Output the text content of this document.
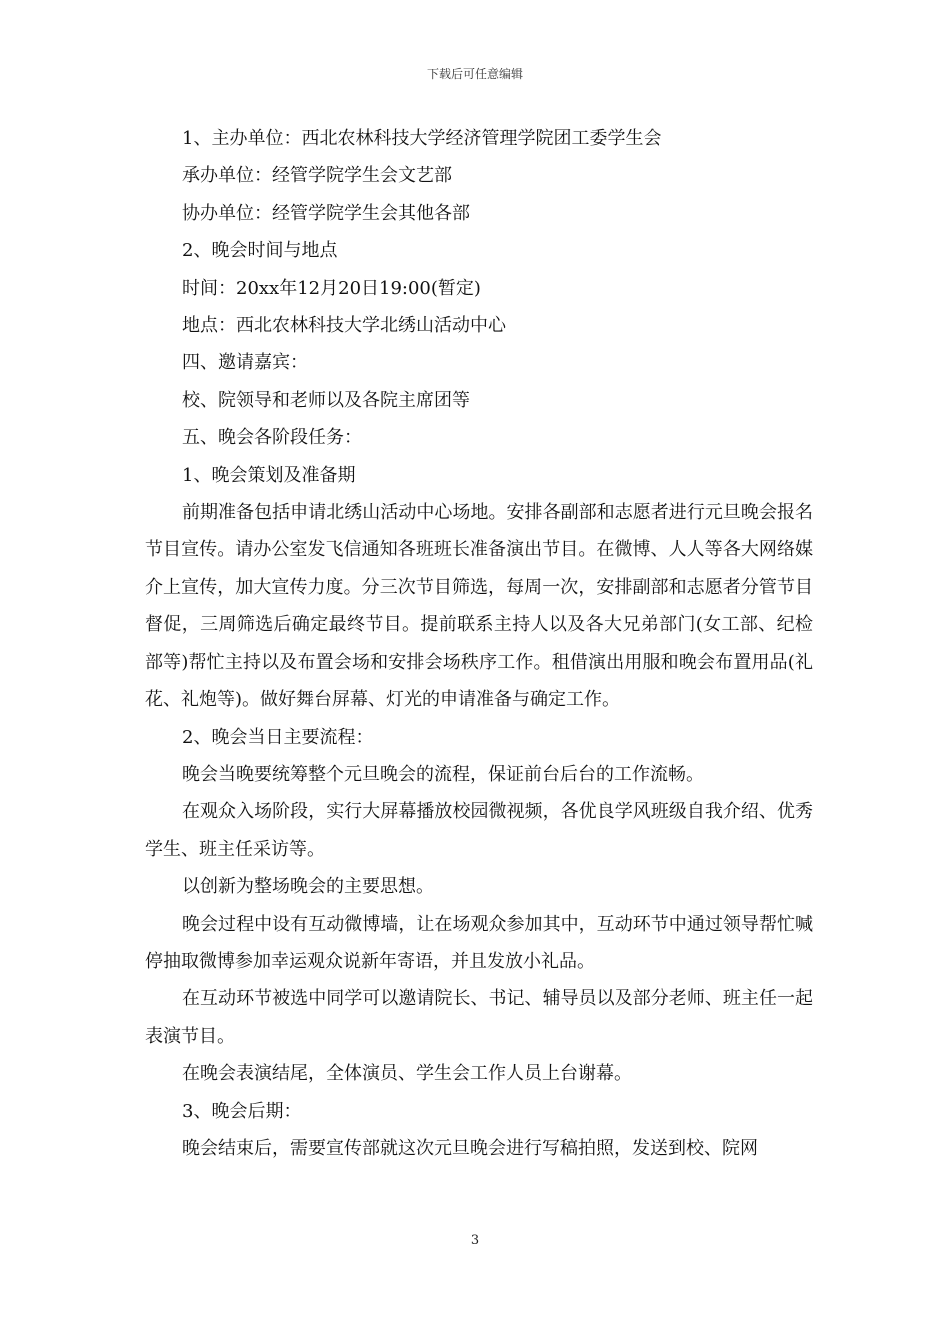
下载后可任意编辑

1、主办单位：西北农林科技大学经济管理学院团工委学生会

承办单位：经管学院学生会文艺部

协办单位：经管学院学生会其他各部

2、晚会时间与地点

时间：20xx年12月20日19:00(暂定)

地点：西北农林科技大学北绣山活动中心

四、邀请嘉宾：

校、院领导和老师以及各院主席团等

五、晚会各阶段任务：

1、晚会策划及准备期

前期准备包括申请北绣山活动中心场地。安排各副部和志愿者进行元旦晚会报名节目宣传。请办公室发飞信通知各班班长准备演出节目。在微博、人人等各大网络媒介上宣传，加大宣传力度。分三次节目筛选，每周一次，安排副部和志愿者分管节目督促，三周筛选后确定最终节目。提前联系主持人以及各大兄弟部门(女工部、纪检部等)帮忙主持以及布置会场和安排会场秩序工作。租借演出用服和晚会布置用品(礼花、礼炮等)。做好舞台屏幕、灯光的申请准备与确定工作。

2、晚会当日主要流程：

晚会当晚要统筹整个元旦晚会的流程，保证前台后台的工作流畅。

在观众入场阶段，实行大屏幕播放校园微视频，各优良学风班级自我介绍、优秀学生、班主任采访等。

以创新为整场晚会的主要思想。

晚会过程中设有互动微博墙，让在场观众参加其中，互动环节中通过领导帮忙喊停抽取微博参加幸运观众说新年寄语，并且发放小礼品。

在互动环节被选中同学可以邀请院长、书记、辅导员以及部分老师、班主任一起表演节目。

在晚会表演结尾，全体演员、学生会工作人员上台谢幕。

3、晚会后期：

晚会结束后，需要宣传部就这次元旦晚会进行写稿拍照，发送到校、院网

3
